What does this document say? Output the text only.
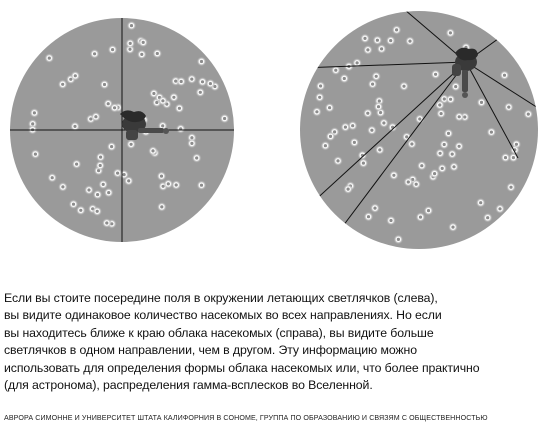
Если вы стоите посередине поля в окружении летающих светлячков (слева),
вы видите одинаковое количество насекомых во всех направлениях. Но если
вы находитесь ближе к краю облака насекомых (справа), вы видите больше
светлячков в одном направлении, чем в другом. Эту информацию можно
использовать для определения формы облака насекомых или, что более практично
(для астронома), распределения гамма-всплесков во Вселенной.
АВРОРА СИМОННЕ И УНИВЕРСИТЕТ ШТАТА КАЛИФОРНИЯ В СОНОМЕ, ГРУППА ПО ОБРАЗОВАНИЮ И СВЯЗЯМ С ОБЩЕСТВЕННОСТЬЮ
